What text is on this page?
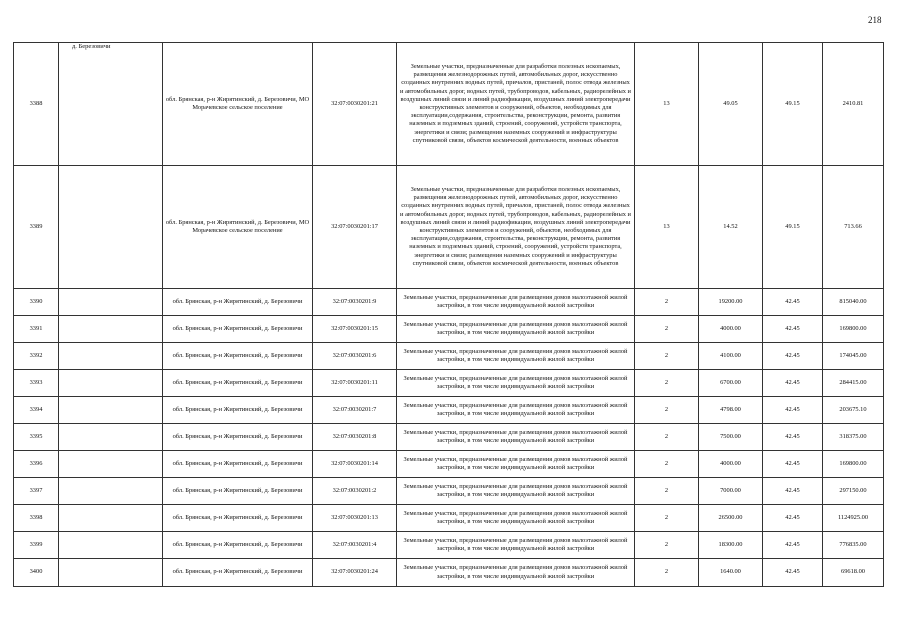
218
д. Березовичи
3388		обл. Брянская, р-н Жирятинский, д. Березовичи, МО Морачевское сельское поселение	32:07:0030201:21	Земельные участки, предназначенные для разработки полезных ископаемых, размещения железнодорожных путей, автомобильных дорог, искусственно созданных внутренних водных путей, причалов, пристаней, полос отвода железных и автомобильных дорог, водных путей, трубопроводов, кабельных, радиорелейных и воздушных линий связи и линий радиофикации, воздушных линий электропередачи конструктивных элементов и сооружений, объектов, необходимых для эксплуатации,содержания, строительства, реконструкции, ремонта, развития наземных и подземных зданий, строений, сооружений, устройств транспорта, энергетики и связи; размещения наземных сооружений и инфраструктуры спутниковой связи, объектов космической деятельности, военных объектов	13	49.05	49.15	2410.81
3389		обл. Брянская, р-н Жирятинский, д. Березовичи, МО Морачевское сельское поселение	32:07:0030201:17	Земельные участки, предназначенные для разработки полезных ископаемых, размещения железнодорожных путей, автомобильных дорог, искусственно созданных внутренних водных путей, причалов, пристаней, полос отвода железных и автомобильных дорог, водных путей, трубопроводов, кабельных, радиорелейных и воздушных линий связи и линий радиофикации, воздушных линий электропередачи конструктивных элементов и сооружений, объектов, необходимых для эксплуатации,содержания, строительства, реконструкции, ремонта, развития наземных и подземных зданий, строений, сооружений, устройств транспорта, энергетики и связи; размещения наземных сооружений и инфраструктуры спутниковой связи, объектов космической деятельности, военных объектов	13	14.52	49.15	713.66
3390		обл. Брянская, р-н Жирятинский, д. Березовичи	32:07:0030201:9	Земельные участки, предназначенные для размещения домов малоэтажной жилой застройки, в том числе индивидуальной жилой застройки	2	19200.00	42.45	815040.00
3391		обл. Брянская, р-н Жирятинский, д. Березовичи	32:07:0030201:15	Земельные участки, предназначенные для размещения домов малоэтажной жилой застройки, в том числе индивидуальной жилой застройки	2	4000.00	42.45	169800.00
3392		обл. Брянская, р-н Жирятинский, д. Березовичи	32:07:0030201:6	Земельные участки, предназначенные для размещения домов малоэтажной жилой застройки, в том числе индивидуальной жилой застройки	2	4100.00	42.45	174045.00
3393		обл. Брянская, р-н Жирятинский, д. Березовичи	32:07:0030201:11	Земельные участки, предназначенные для размещения домов малоэтажной жилой застройки, в том числе индивидуальной жилой застройки	2	6700.00	42.45	284415.00
3394		обл. Брянская, р-н Жирятинский, д. Березовичи	32:07:0030201:7	Земельные участки, предназначенные для размещения домов малоэтажной жилой застройки, в том числе индивидуальной жилой застройки	2	4798.00	42.45	203675.10
3395		обл. Брянская, р-н Жирятинский, д. Березовичи	32:07:0030201:8	Земельные участки, предназначенные для размещения домов малоэтажной жилой застройки, в том числе индивидуальной жилой застройки	2	7500.00	42.45	318375.00
3396		обл. Брянская, р-н Жирятинский, д. Березовичи	32:07:0030201:14	Земельные участки, предназначенные для размещения домов малоэтажной жилой застройки, в том числе индивидуальной жилой застройки	2	4000.00	42.45	169800.00
3397		обл. Брянская, р-н Жирятинский, д. Березовичи	32:07:0030201:2	Земельные участки, предназначенные для размещения домов малоэтажной жилой застройки, в том числе индивидуальной жилой застройки	2	7000.00	42.45	297150.00
3398		обл. Брянская, р-н Жирятинский, д. Березовичи	32:07:0030201:13	Земельные участки, предназначенные для размещения домов малоэтажной жилой застройки, в том числе индивидуальной жилой застройки	2	26500.00	42.45	1124925.00
3399		обл. Брянская, р-н Жирятинский, д. Березовичи	32:07:0030201:4	Земельные участки, предназначенные для размещения домов малоэтажной жилой застройки, в том числе индивидуальной жилой застройки	2	18300.00	42.45	776835.00
3400		обл. Брянская, р-н Жирятинский, д. Березовичи	32:07:0030201:24	Земельные участки, предназначенные для размещения домов малоэтажной жилой застройки, в том числе индивидуальной жилой застройки	2	1640.00	42.45	69618.00
